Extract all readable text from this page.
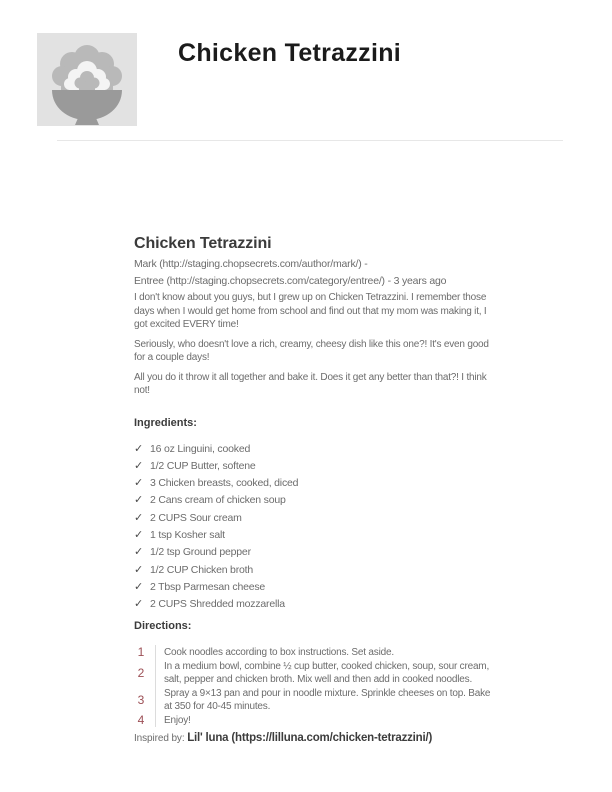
Chicken Tetrazzini
Chicken Tetrazzini

Mark (http://staging.chopsecrets.com/author/mark/) -

Entree (http://staging.chopsecrets.com/category/entree/) - 3 years ago

I don't know about you guys, but I grew up on Chicken Tetrazzini. I remember those days when I would get home from school and find out that my mom was making it, I got excited EVERY time!

Seriously, who doesn't love a rich, creamy, cheesy dish like this one?! It's even good for a couple days!

All you do it throw it all together and bake it. Does it get any better than that?! I think not!

Ingredients:
✓ 16 oz Linguini, cooked
✓ 1/2 CUP Butter, softene
✓ 3 Chicken breasts, cooked, diced
✓ 2 Cans cream of chicken soup
✓ 2 CUPS Sour cream
✓ 1 tsp Kosher salt
✓ 1/2 tsp Ground pepper
✓ 1/2 CUP Chicken broth
✓ 2 Tbsp Parmesan cheese
✓ 2 CUPS Shredded mozzarella
Directions:
1	Cook noodles according to box instructions. Set aside.
2	In a medium bowl, combine ½ cup butter, cooked chicken, soup, sour cream, salt, pepper and chicken broth. Mix well and then add in cooked noodles.
3	Spray a 9×13 pan and pour in noodle mixture. Sprinkle cheeses on top. Bake at 350 for 40-45 minutes.
4	Enjoy!

Inspired by: Lil' luna (https://lilluna.com/chicken-tetrazzini/)
